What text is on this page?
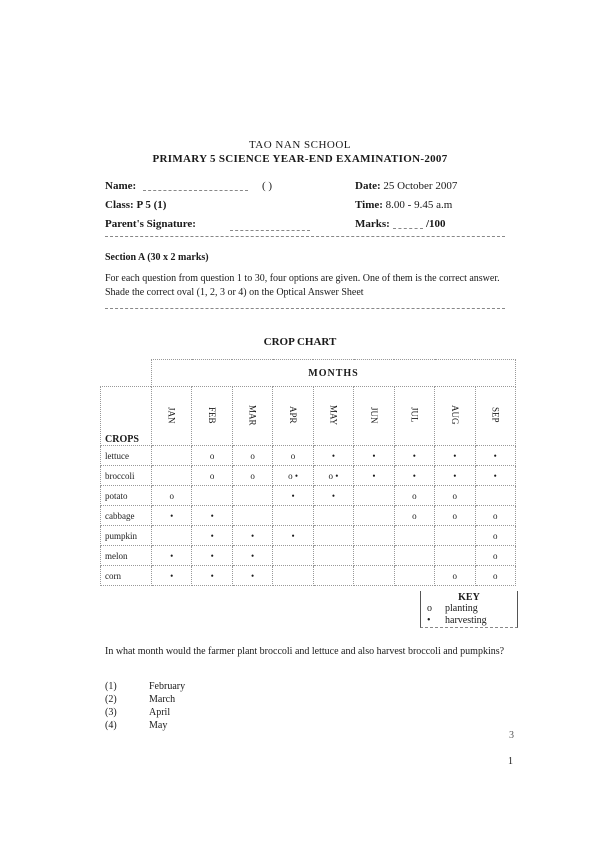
TAO NAN SCHOOL
PRIMARY 5 SCIENCE YEAR-END EXAMINATION-2007
Name:	( )	Date: 25 October 2007
Class: P 5 (1)	Time: 8.00 - 9.45 a.m
Parent's Signature:	Marks:	/100
Section A (30 x 2 marks)
For each question from question 1 to 30, four options are given. One of them is the correct answer. Shade the correct oval (1, 2, 3 or 4) on the Optical Answer Sheet
CROP CHART
	MONTHS								
CROPS	JAN	FEB	MAR	APR	MAY	JUN	JUL	AUG	SEP
lettuce		o	o	o	•	•	•	•	•
broccoli		o	o	o •	o •	•	•	•	•
potato	o			•	•		o	o	
cabbage	•	•					o	o	o
pumpkin		•	•	•					o
melon	•	•	•						o
corn	•	•	•					o	o
KEY
o planting
• harvesting
In what month would the farmer plant broccoli and lettuce and also harvest broccoli and pumpkins?
(1)	February
(2)	March
(3)	April
(4)	May
3
1
